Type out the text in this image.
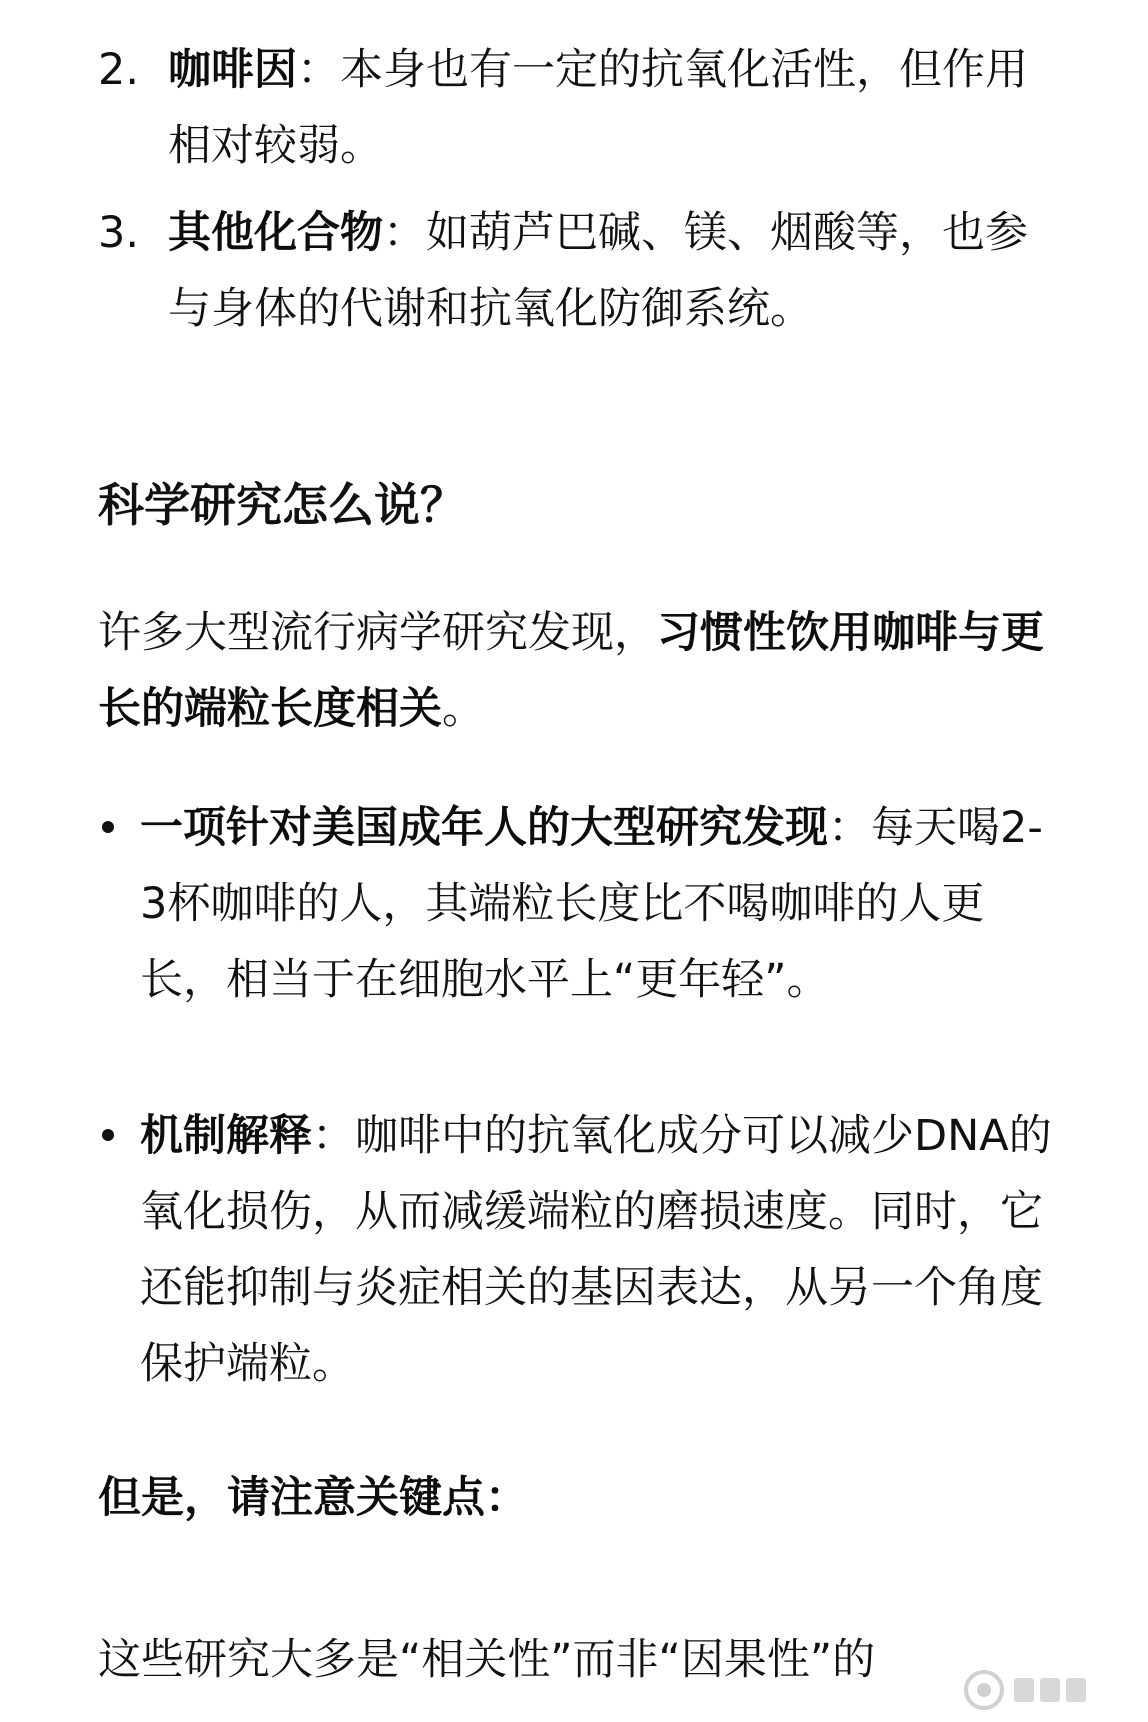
2. 咖啡因：本身也有一定的抗氧化活性，但作用相对较弱。
3. 其他化合物：如葫芦巴碱、镁、烟酸等，也参与身体的代谢和抗氧化防御系统。
科学研究怎么说？
许多大型流行病学研究发现，习惯性饮用咖啡与更长的端粒长度相关。
一项针对美国成年人的大型研究发现：每天喝2-3杯咖啡的人，其端粒长度比不喝咖啡的人更长，相当于在细胞水平上“更年轻”。
机制解释：咖啡中的抗氧化成分可以减少DNA的氧化损伤，从而减缓端粒的磨损速度。同时，它还能抑制与炎症相关的基因表达，从另一个角度保护端粒。
但是，请注意关键点：
这些研究大多是“相关性”而非“因果性”的
